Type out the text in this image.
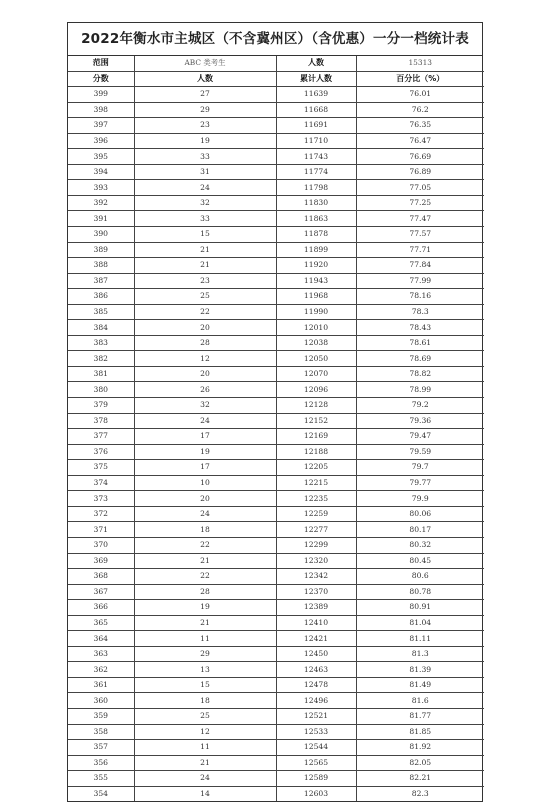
2022年衡水市主城区（不含冀州区）（含优惠）一分一档统计表
范围	ABC 类考生	人数	15313
分数	人数	累计人数	百分比（%）
399	27	11639	76.01
398	29	11668	76.2
397	23	11691	76.35
396	19	11710	76.47
395	33	11743	76.69
394	31	11774	76.89
393	24	11798	77.05
392	32	11830	77.25
391	33	11863	77.47
390	15	11878	77.57
389	21	11899	77.71
388	21	11920	77.84
387	23	11943	77.99
386	25	11968	78.16
385	22	11990	78.3
384	20	12010	78.43
383	28	12038	78.61
382	12	12050	78.69
381	20	12070	78.82
380	26	12096	78.99
379	32	12128	79.2
378	24	12152	79.36
377	17	12169	79.47
376	19	12188	79.59
375	17	12205	79.7
374	10	12215	79.77
373	20	12235	79.9
372	24	12259	80.06
371	18	12277	80.17
370	22	12299	80.32
369	21	12320	80.45
368	22	12342	80.6
367	28	12370	80.78
366	19	12389	80.91
365	21	12410	81.04
364	11	12421	81.11
363	29	12450	81.3
362	13	12463	81.39
361	15	12478	81.49
360	18	12496	81.6
359	25	12521	81.77
358	12	12533	81.85
357	11	12544	81.92
356	21	12565	82.05
355	24	12589	82.21
354	14	12603	82.3
